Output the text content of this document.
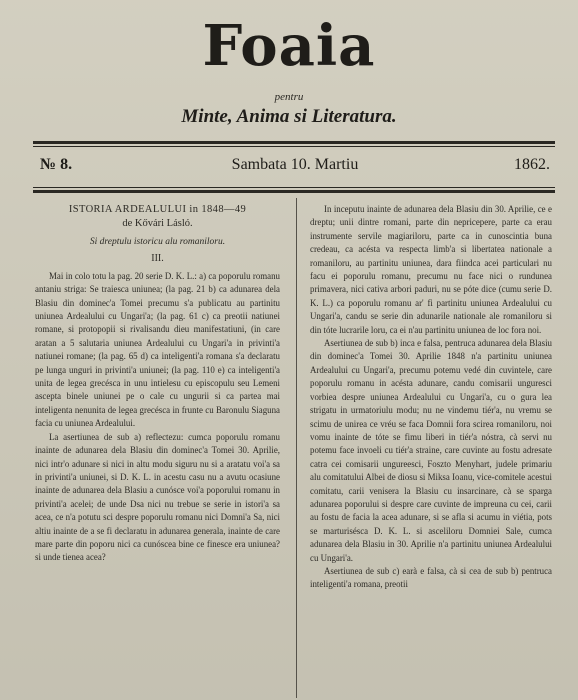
Foaia
pentru
Minte, Anima si Literatura.
№ 8.	Sambata 10. Martiu	1862.
ISTORIA ARDEALULUI in 1848—49
de Kővári Lásló.
Si dreptulu istoricu alu romaniloru.
III.

Mai in colo totu la pag. 20 serie D. K. L.: a) ca poporulu romanu antaniu striga: Se traiesca uniunea; (la pag. 21 b) ca adunarea dela Blasiu din dominec'a Tomei precumu s'a publicatu au partinitu uniunea Ardealului cu Ungari'a; (la pag. 61 c) ca preotii natiunei romane, si protopopii si rivalisandu dieu manifestatiuni, (in care aratan a 5 salutaria uniunea Ardealului cu Ungari'a in privinti'a natiunei romane; (la pag. 65 d) ca inteligenti'a romana s'a declaratu pe lunga unguri in privinti'a uniunei; (la pag. 110 e) ca inteligenti'a unita de legea grecésca in unu intielesu cu episcopulu seu Lemeni ascepta binele uniunei pe o cale cu ungurii si ca partea mai inteligenta nenunita de legea grecésca in frunte cu Baronulu Siaguna facia cu uniunea Ardealului.

La asertiunea de sub a) reflectezu: cumca poporulu romanu inainte de adunarea dela Blasiu din dominec'a Tomei 30. Aprilie, nici intr'o adunare si nici in altu modu siguru nu si a aratatu voi'a sa in privinti'a uniunei, si D. K. L. in acestu casu nu a avutu ocasiune inainte de adunarea dela Blasiu a cunósce voi'a poporului romanu in privinti'a acelei; de unde Dsa nici nu trebue se serie in istori'a sa acea, ce n'a potutu sci despre poporulu romanu nici Domni'a Sa, nici altiu inainte de a se fi declaratu in adunarea generala, inainte de care mare parte din poporu nici ca cunóscea bine ce finesce era uniunea? si unde tienea acea?

In inceputu inainte de adunarea dela Blasiu din 30. Aprilie, ce e dreptu; unii dintre romani, parte din nepricepere, parte ca erau instrumente servile magiariloru, parte ca in cunoscintia buna credeau, ca acésta va respecta limb'a si libertatea nationale a romaniloru, au partinitu uniunea, dara fiindca acei particulari nu facu ei poporulu romanu, precumu nu face nici o rundunea primavera, nici cativa arbori paduri, nu se póte dice (cumu serie D. K. L.) ca poporulu romanu ar' fi partinitu uniunea Ardealului cu Ungari'a, candu se serie din adunarile nationale ale romaniloru si din tóte lucrarile loru, ca ei n'au partinitu uniunea de loc fora noi.

Asertiunea de sub b) inca e falsa, pentruca adunarea dela Blasiu din dominec'a Tomei 30. Aprilie 1848 n'a partinitu uniunea Ardealului cu Ungari'a, precumu potemu vedé din cuvintele, care poporulu romanu in acésta adunare, candu comisarii unguresci vorbiea despre uniunea Ardealului cu Ungari'a, cu o gura lea strigatu in urmatoriulu modu; nu ne vindemu tiér'a, nu vremu se scimu de unirea ce vréu se faca Domnii fora scirea romaniloru, noi vomu inainte de tóte se fimu liberi in tiér'a nóstra, cà servi nu potemu face invoeli cu tiér'a straine, care cuvinte au fostu adresate catra cei comisarii ungureesci, Foszto Menyhart, judele primariu alu comitatului Albei de diosu si Miksa Ioanu, vice-comitele acestui comitatu, carii venisera la Blasiu cu insarcinare, cà se sparga adunarea poporului si despre care cuvinte de impreuna cu cei, carii au fostu de facia la acea adunare, si se afla si acumu in viétia, pots se marturisésca D. K. L. si asceliloru Domniei Sale, cumca adunarea dela Blasiu in 30. Aprilie n'a partinitu uniunea Ardealului cu Ungari'a.

Asertiunea de sub c) earà e falsa, cà si cea de sub b) pentruca inteligenti'a romana, preotii
